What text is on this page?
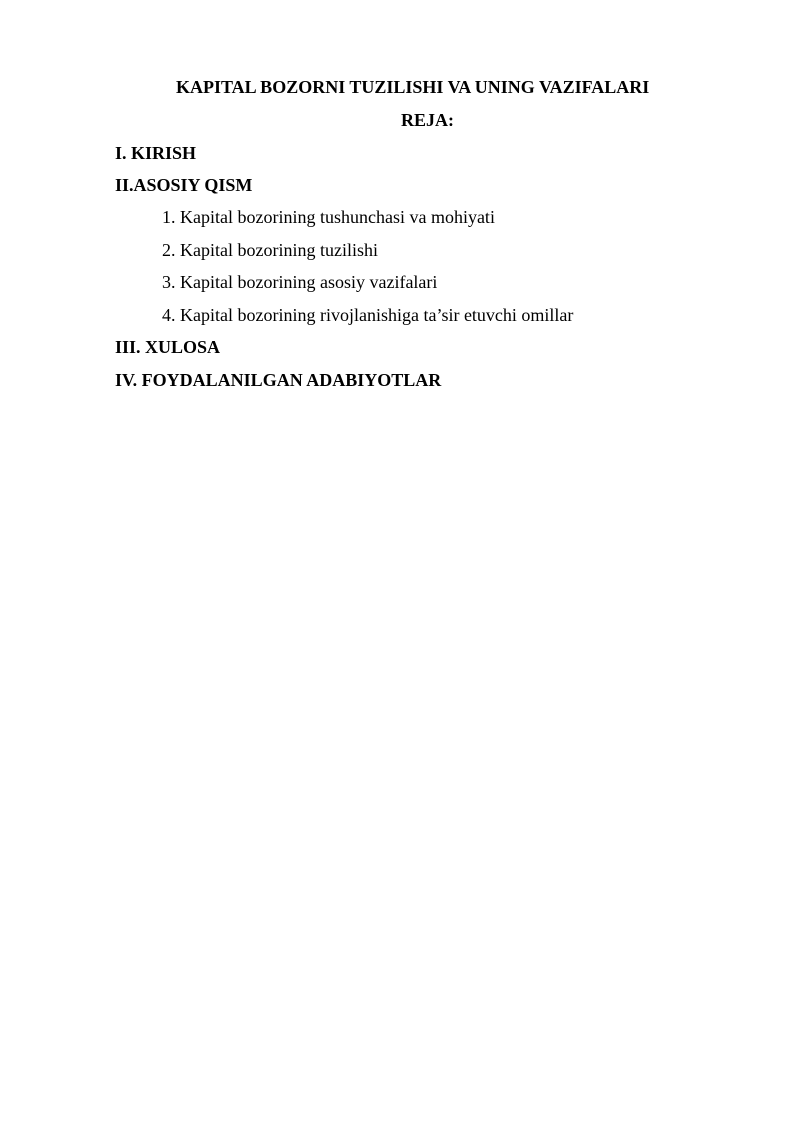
KAPITAL BOZORNI TUZILISHI VA UNING VAZIFALARI
REJA:
I. KIRISH
II.ASOSIY QISM
1. Kapital bozorining tushunchasi va mohiyati
2. Kapital bozorining tuzilishi
3. Kapital bozorining asosiy vazifalari
4. Kapital bozorining rivojlanishiga ta’sir etuvchi omillar
III. XULOSA
IV. FOYDALANILGAN ADABIYOTLAR
